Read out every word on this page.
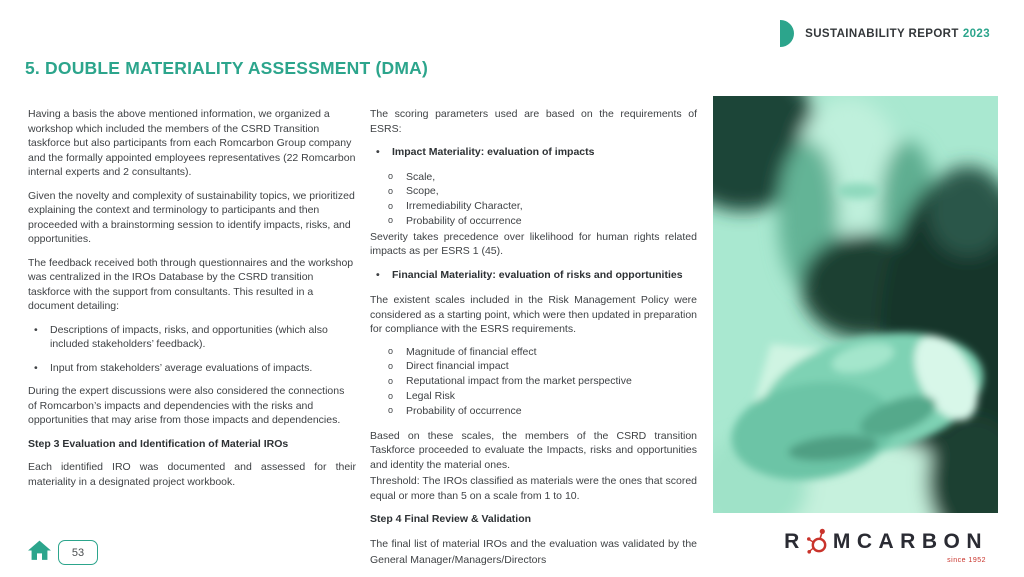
SUSTAINABILITY REPORT 2023
5. DOUBLE MATERIALITY ASSESSMENT (DMA)

Having a basis the above mentioned information, we organized a workshop which included the members of the CSRD Transition taskforce but also participants from each Romcarbon Group company and the formally appointed employees representatives (22 Romcarbon internal experts and 2 consultants).

Given the novelty and complexity of sustainability topics, we prioritized explaining the context and terminology to participants and then proceeded with a brainstorming session to identify impacts, risks, and opportunities.

The feedback received both through questionnaires and the workshop was centralized in the IROs Database by the CSRD transition taskforce with the support from consultants. This resulted in a document detailing:

• Descriptions of impacts, risks, and opportunities (which also included stakeholders’ feedback).
• Input from stakeholders’ average evaluations of impacts.

During the expert discussions were also considered the connections of Romcarbon’s impacts and dependencies with the risks and opportunities that may arise from those impacts and dependencies.

Step 3 Evaluation and Identification of Material IROs

Each identified IRO was documented and assessed for their materiality in a designated project workbook.

The scoring parameters used are based on the requirements of ESRS:

• Impact Materiality: evaluation of impacts
o Scale,
o Scope,
o Irremediability Character,
o Probability of occurrence

Severity takes precedence over likelihood for human rights related impacts as per ESRS 1 (45).

• Financial Materiality: evaluation of risks and opportunities

The existent scales included in the Risk Management Policy were considered as a starting point, which were then updated in preparation for compliance with the ESRS requirements.

o Magnitude of financial effect
o Direct financial impact
o Reputational impact from the market perspective
o Legal Risk
o Probability of occurrence

Based on these scales, the members of the CSRD transition Taskforce proceeded to evaluate the Impacts, risks and opportunities and identity the material ones.

Threshold: The IROs classified as materials were the ones that scored equal or more than 5 on a scale from 1 to 10.

Step 4 Final Review & Validation

The final list of material IROs and the evaluation was validated by the General Manager/Managers/Directors

53	R MCARBON
since 1952
